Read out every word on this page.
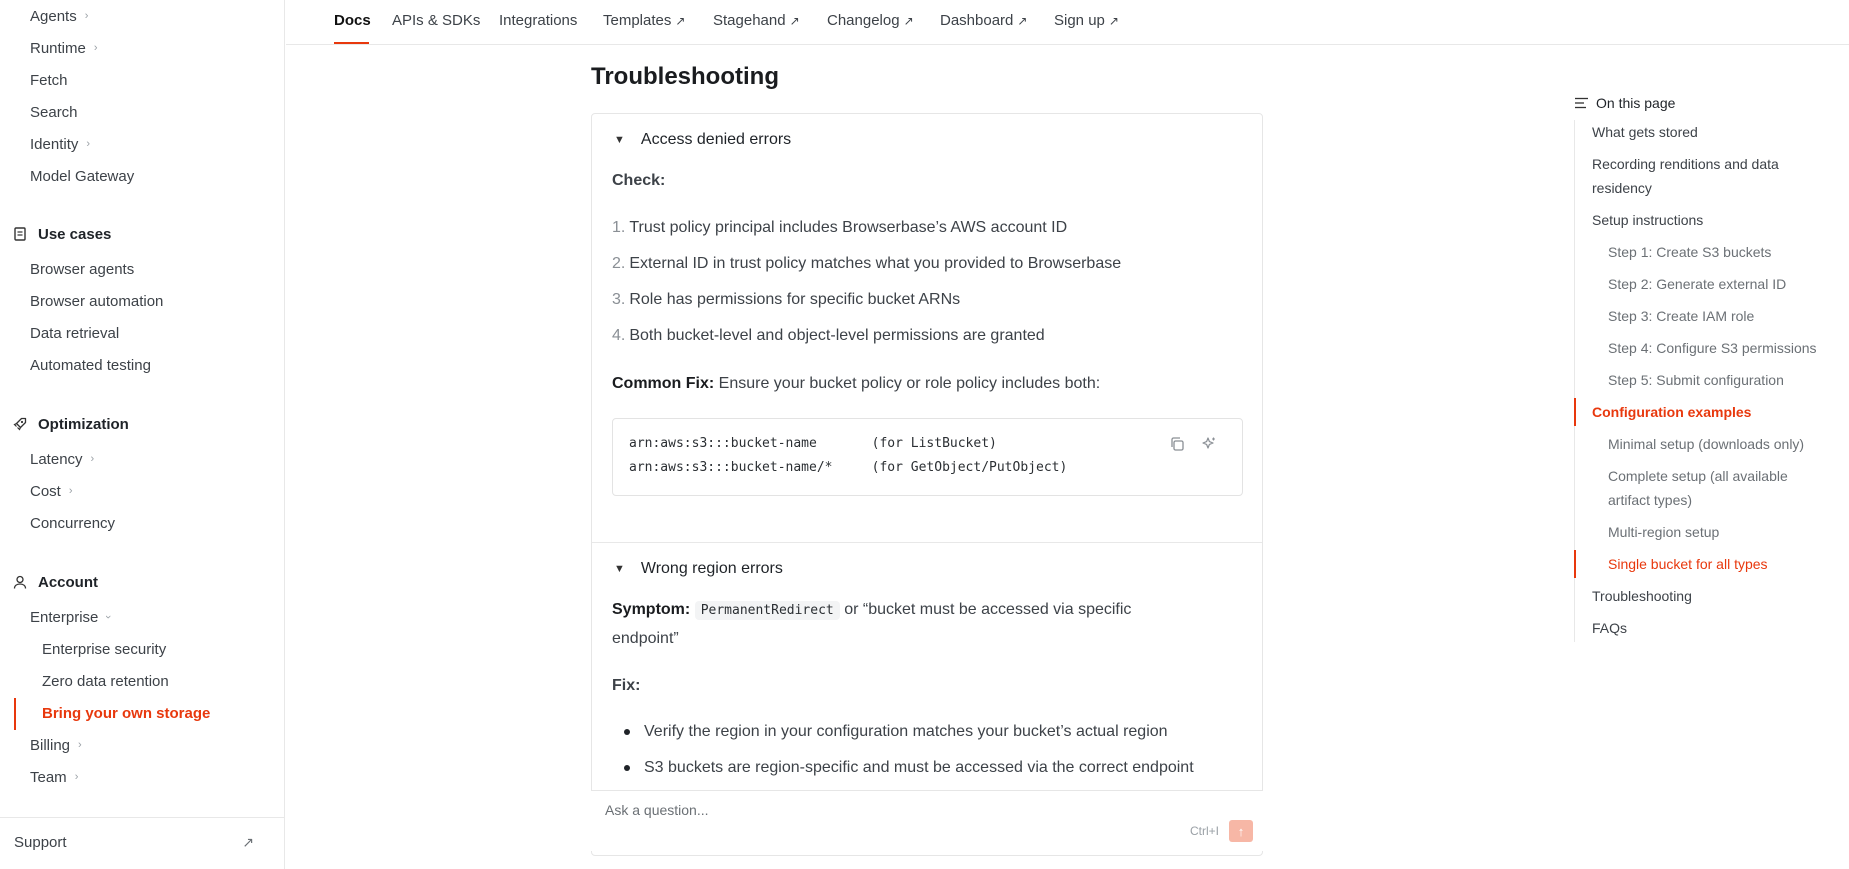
Agents ›
Runtime ›
Fetch
Search
Identity ›
Model Gateway
Use cases
Browser agents
Browser automation
Data retrieval
Automated testing
Optimization
Latency ›
Cost ›
Concurrency
Account
Enterprise ›
Enterprise security
Zero data retention
Bring your own storage
Billing ›
Team ›
Support	↗
Docs APIs & SDKs Integrations Templates ↗ Stagehand ↗ Changelog ↗ Dashboard ↗ Sign up ↗
Troubleshooting
▼ Access denied errors
Check:
1. Trust policy principal includes Browserbase’s AWS account ID
2. External ID in trust policy matches what you provided to Browserbase
3. Role has permissions for specific bucket ARNs
4. Both bucket-level and object-level permissions are granted
Common Fix: Ensure your bucket policy or role policy includes both:
arn:aws:s3:::bucket-name       (for ListBucket)
arn:aws:s3:::bucket-name/*     (for GetObject/PutObject)
▼ Wrong region errors
Symptom: PermanentRedirect or “bucket must be accessed via specific
endpoint”
Fix:
Verify the region in your configuration matches your bucket’s actual region
S3 buckets are region-specific and must be accessed via the correct endpoint
Ask a question...
Ctrl+I	↑
On this page
What gets stored
Recording renditions and data residency
Setup instructions
Step 1: Create S3 buckets
Step 2: Generate external ID
Step 3: Create IAM role
Step 4: Configure S3 permissions
Step 5: Submit configuration
Configuration examples
Minimal setup (downloads only)
Complete setup (all available artifact types)
Multi-region setup
Single bucket for all types
Troubleshooting
FAQs
